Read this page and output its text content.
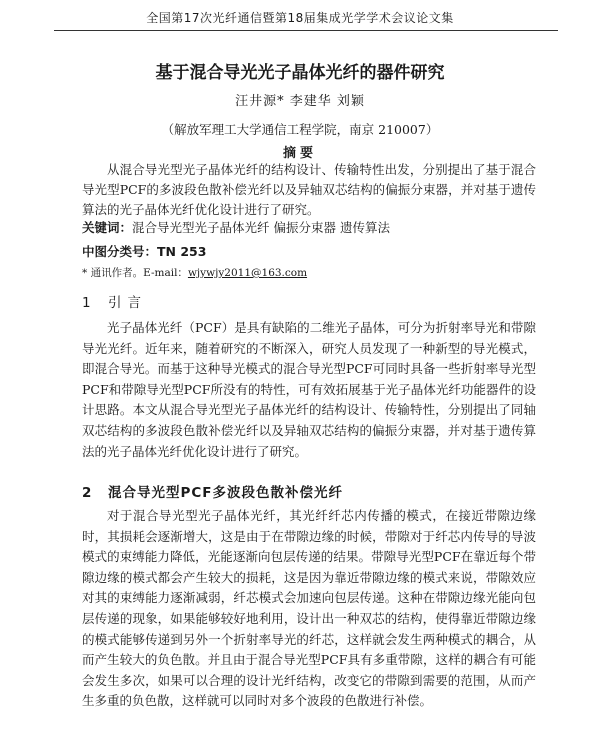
全国第17次光纤通信暨第18届集成光学学术会议论文集
基于混合导光光子晶体光纤的器件研究
汪井源* 李建华 刘颖
（解放军理工大学通信工程学院，南京 210007）
摘要
从混合导光型光子晶体光纤的结构设计、传输特性出发，分别提出了基于混合导光型PCF的多波段色散补偿光纤以及异轴双芯结构的偏振分束器，并对基于遗传算法的光子晶体光纤优化设计进行了研究。
关键词：混合导光型光子晶体光纤 偏振分束器 遗传算法
中图分类号：TN 253
* 通讯作者。E-mail：wjywjy2011@163.com
1 引言
光子晶体光纤（PCF）是具有缺陷的二维光子晶体，可分为折射率导光和带隙导光光纤。近年来，随着研究的不断深入，研究人员发现了一种新型的导光模式，即混合导光。而基于这种导光模式的混合导光型PCF可同时具备一些折射率导光型PCF和带隙导光型PCF所没有的特性，可有效拓展基于光子晶体光纤功能器件的设计思路。本文从混合导光型光子晶体光纤的结构设计、传输特性，分别提出了同轴双芯结构的多波段色散补偿光纤以及异轴双芯结构的偏振分束器，并对基于遗传算法的光子晶体光纤优化设计进行了研究。
2 混合导光型PCF多波段色散补偿光纤
对于混合导光型光子晶体光纤，其光纤纤芯内传播的模式，在接近带隙边缘时，其损耗会逐渐增大，这是由于在带隙边缘的时候，带隙对于纤芯内传导的导波模式的束缚能力降低，光能逐渐向包层传递的结果。带隙导光型PCF在靠近每个带隙边缘的模式都会产生较大的损耗，这是因为靠近带隙边缘的模式来说，带隙效应对其的束缚能力逐渐减弱，纤芯模式会加速向包层传递。这种在带隙边缘光能向包层传递的现象，如果能够较好地利用，设计出一种双芯的结构，使得靠近带隙边缘的模式能够传递到另外一个折射率导光的纤芯，这样就会发生两种模式的耦合，从而产生较大的负色散。并且由于混合导光型PCF具有多重带隙，这样的耦合有可能会发生多次，如果可以合理的设计光纤结构，改变它的带隙到需要的范围，从而产生多重的负色散，这样就可以同时对多个波段的色散进行补偿。
